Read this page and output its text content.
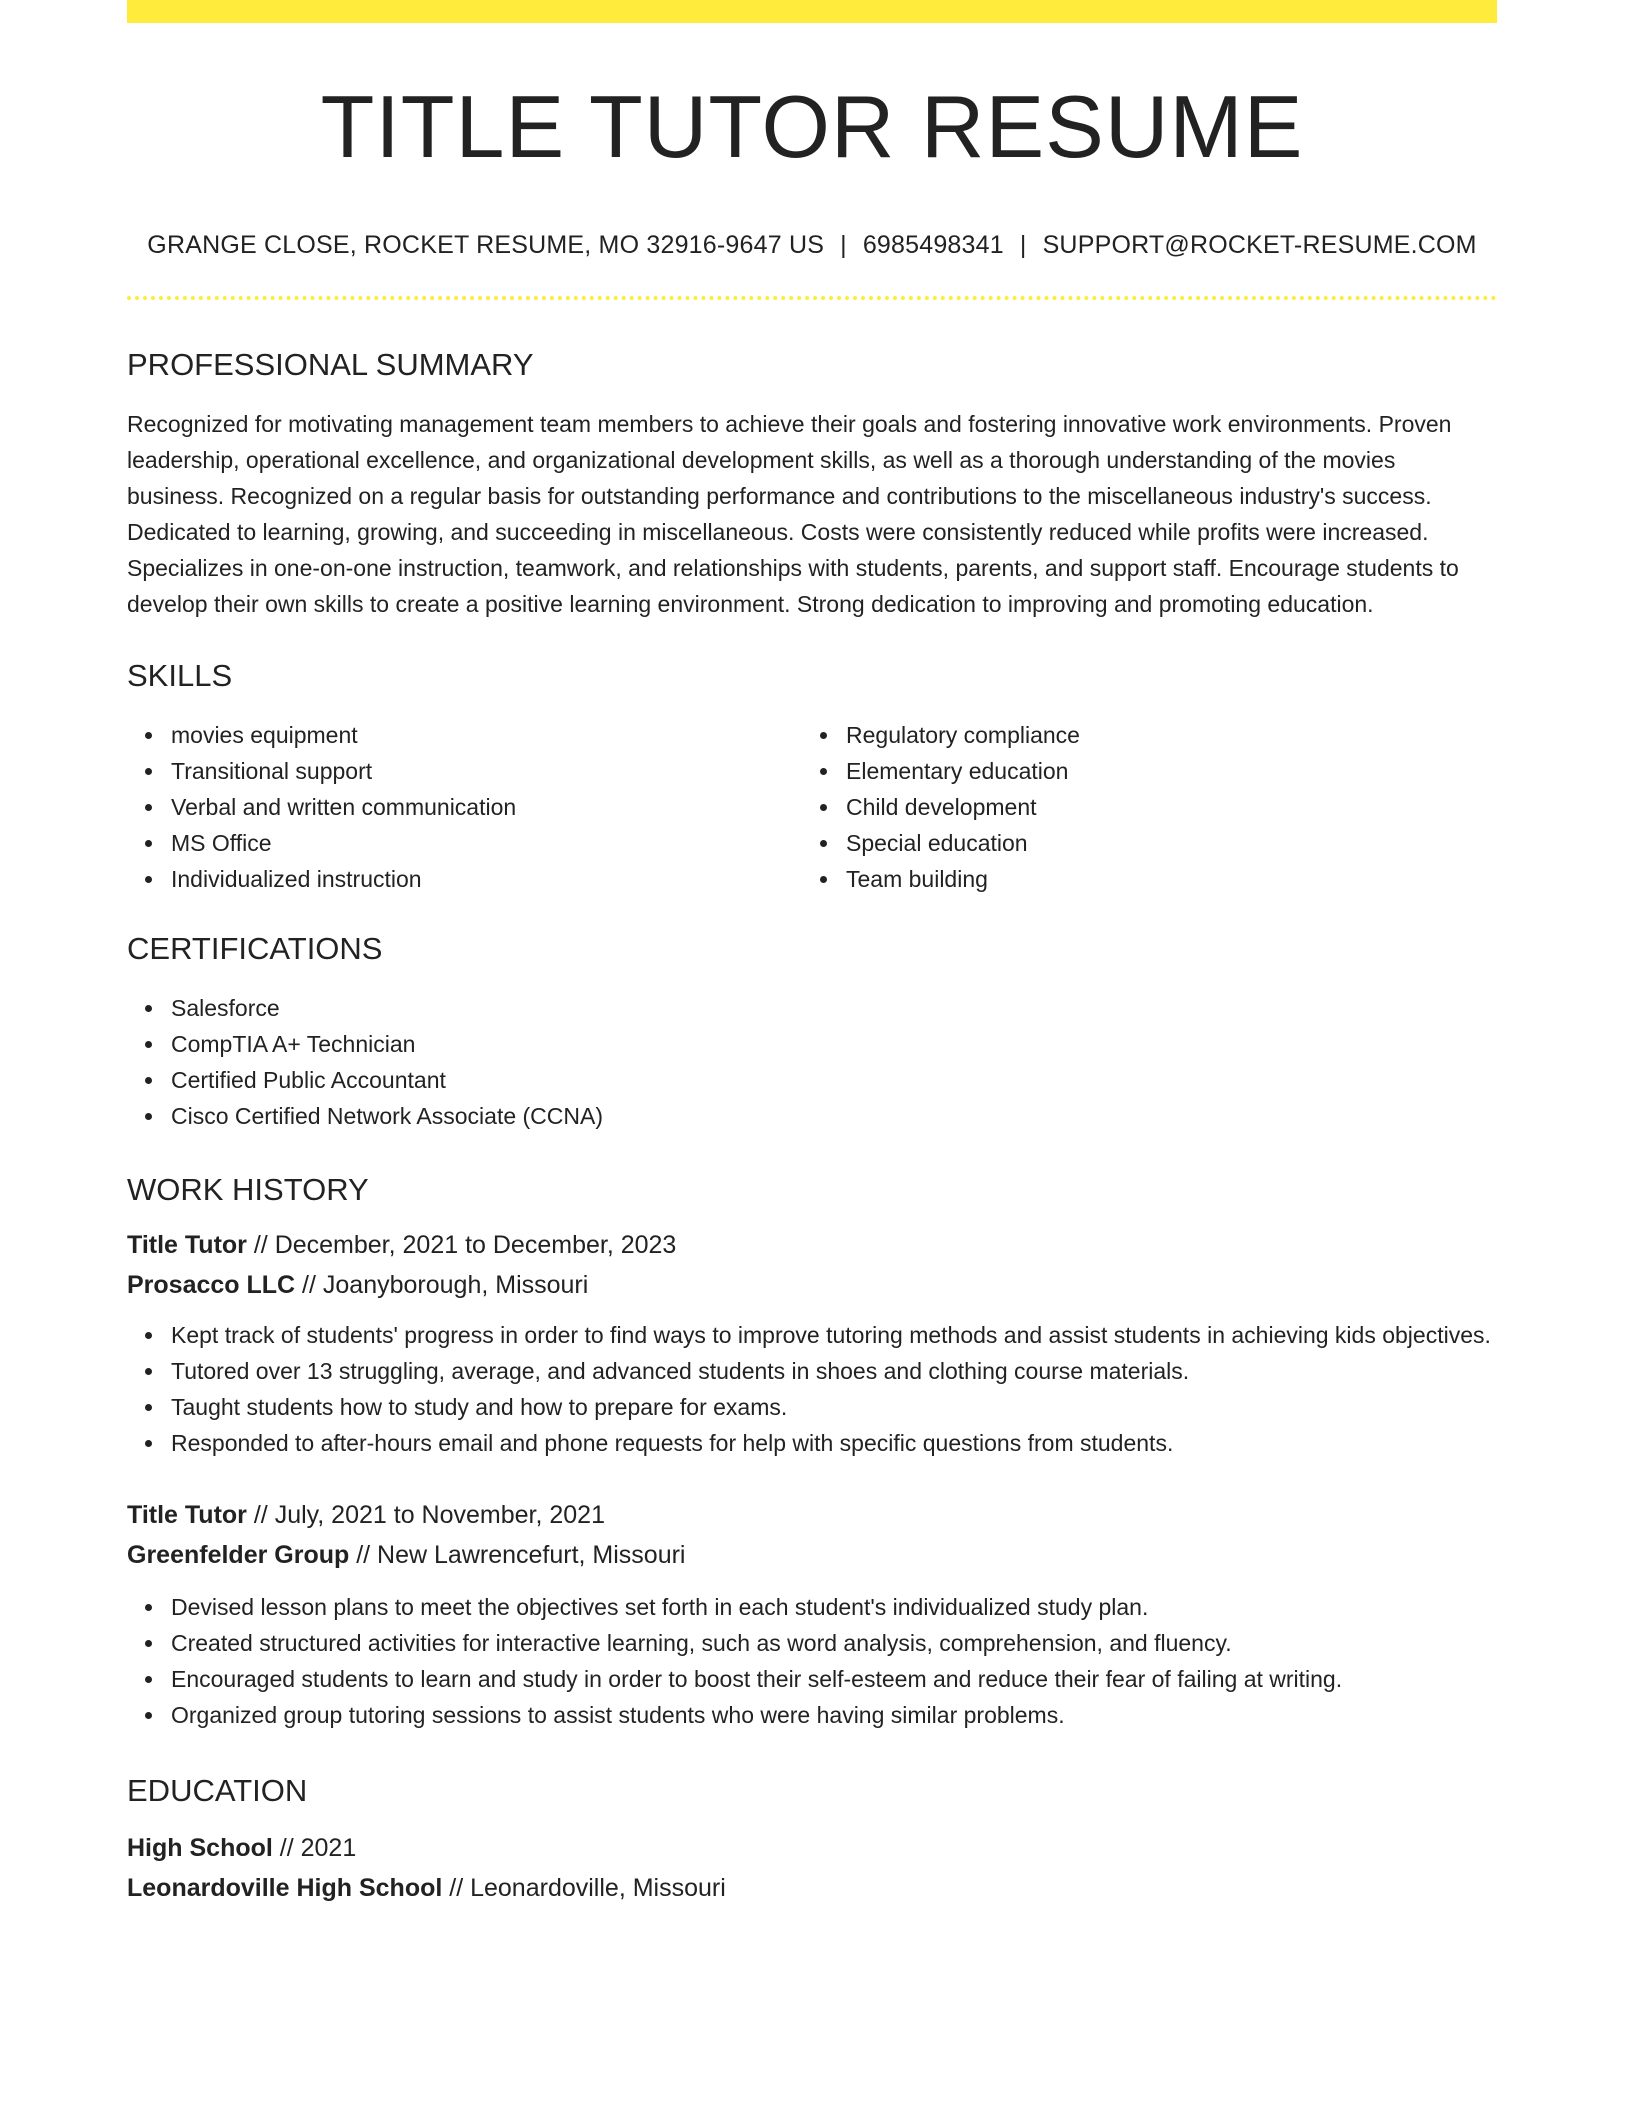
TITLE TUTOR RESUME
GRANGE CLOSE, ROCKET RESUME, MO 32916-9647 US | 6985498341 | SUPPORT@ROCKET-RESUME.COM
PROFESSIONAL SUMMARY
Recognized for motivating management team members to achieve their goals and fostering innovative work environments. Proven leadership, operational excellence, and organizational development skills, as well as a thorough understanding of the movies business. Recognized on a regular basis for outstanding performance and contributions to the miscellaneous industry's success. Dedicated to learning, growing, and succeeding in miscellaneous. Costs were consistently reduced while profits were increased. Specializes in one-on-one instruction, teamwork, and relationships with students, parents, and support staff. Encourage students to develop their own skills to create a positive learning environment. Strong dedication to improving and promoting education.
SKILLS
movies equipment
Transitional support
Verbal and written communication
MS Office
Individualized instruction
Regulatory compliance
Elementary education
Child development
Special education
Team building
CERTIFICATIONS
Salesforce
CompTIA A+ Technician
Certified Public Accountant
Cisco Certified Network Associate (CCNA)
WORK HISTORY
Title Tutor // December, 2021 to December, 2023
Prosacco LLC // Joanyborough, Missouri
Kept track of students' progress in order to find ways to improve tutoring methods and assist students in achieving kids objectives.
Tutored over 13 struggling, average, and advanced students in shoes and clothing course materials.
Taught students how to study and how to prepare for exams.
Responded to after-hours email and phone requests for help with specific questions from students.
Title Tutor // July, 2021 to November, 2021
Greenfelder Group // New Lawrencefurt, Missouri
Devised lesson plans to meet the objectives set forth in each student's individualized study plan.
Created structured activities for interactive learning, such as word analysis, comprehension, and fluency.
Encouraged students to learn and study in order to boost their self-esteem and reduce their fear of failing at writing.
Organized group tutoring sessions to assist students who were having similar problems.
EDUCATION
High School // 2021
Leonardoville High School // Leonardoville, Missouri
